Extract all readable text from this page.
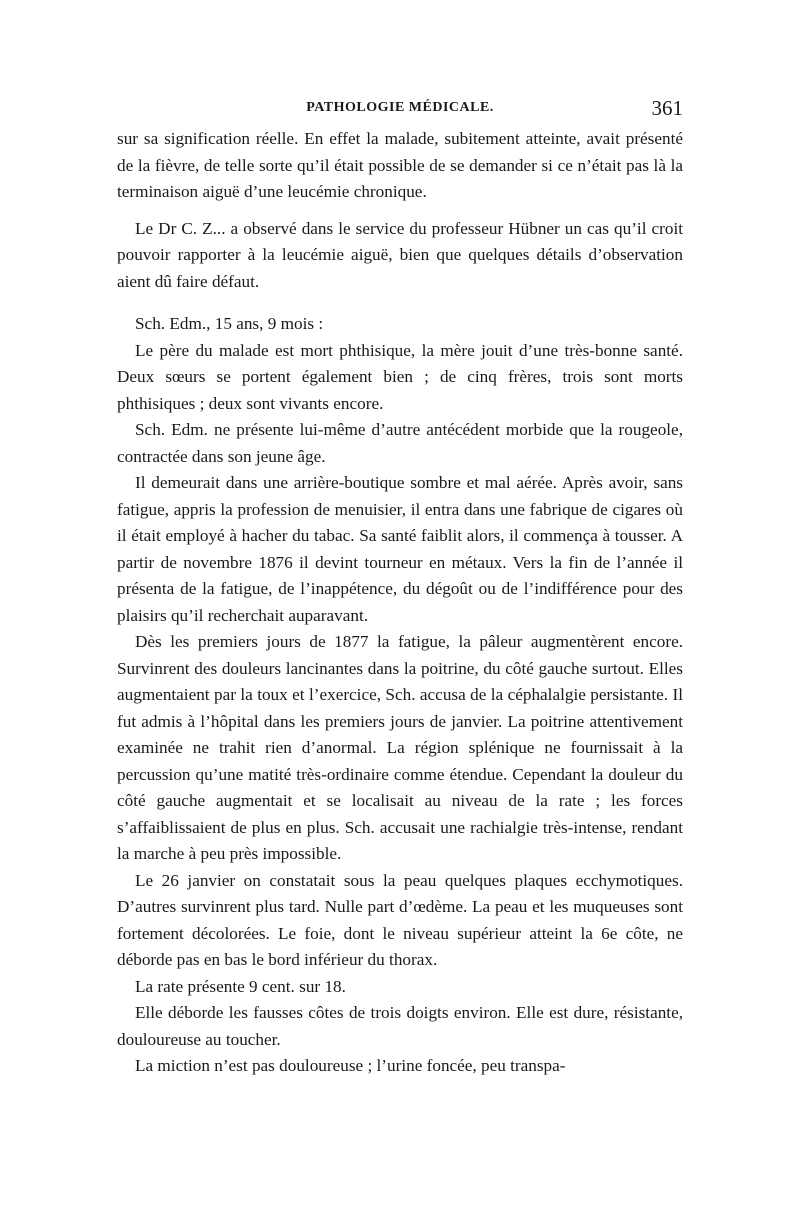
PATHOLOGIE MÉDICALE.	361

sur sa signification réelle. En effet la malade, subitement atteinte, avait présenté de la fièvre, de telle sorte qu’il était possible de se demander si ce n’était pas là la terminaison aiguë d’une leucémie chronique.

Le Dr C. Z... a observé dans le service du professeur Hübner un cas qu’il croit pouvoir rapporter à la leucémie aiguë, bien que quelques détails d’observation aient dû faire défaut.

Sch. Edm., 15 ans, 9 mois :

Le père du malade est mort phthisique, la mère jouit d’une très-bonne santé. Deux sœurs se portent également bien ; de cinq frères, trois sont morts phthisiques ; deux sont vivants encore.

Sch. Edm. ne présente lui-même d’autre antécédent morbide que la rougeole, contractée dans son jeune âge.

Il demeurait dans une arrière-boutique sombre et mal aérée. Après avoir, sans fatigue, appris la profession de menuisier, il entra dans une fabrique de cigares où il était employé à hacher du tabac. Sa santé faiblit alors, il commença à tousser. A partir de novembre 1876 il devint tourneur en métaux. Vers la fin de l’année il présenta de la fatigue, de l’inappétence, du dégoût ou de l’indifférence pour des plaisirs qu’il recherchait auparavant.

Dès les premiers jours de 1877 la fatigue, la pâleur augmentèrent encore. Survinrent des douleurs lancinantes dans la poitrine, du côté gauche surtout. Elles augmentaient par la toux et l’exercice, Sch. accusa de la céphalalgie persistante. Il fut admis à l’hôpital dans les premiers jours de janvier. La poitrine attentivement examinée ne trahit rien d’anormal. La région splénique ne fournissait à la percussion qu’une matité très-ordinaire comme étendue. Cependant la douleur du côté gauche augmentait et se localisait au niveau de la rate ; les forces s’affaiblissaient de plus en plus. Sch. accusait une rachialgie très-intense, rendant la marche à peu près impossible.

Le 26 janvier on constatait sous la peau quelques plaques ecchymotiques. D’autres survinrent plus tard. Nulle part d’œdème. La peau et les muqueuses sont fortement décolorées. Le foie, dont le niveau supérieur atteint la 6e côte, ne déborde pas en bas le bord inférieur du thorax.

La rate présente 9 cent. sur 18.

Elle déborde les fausses côtes de trois doigts environ. Elle est dure, résistante, douloureuse au toucher.

La miction n’est pas douloureuse ; l’urine foncée, peu transpa-
